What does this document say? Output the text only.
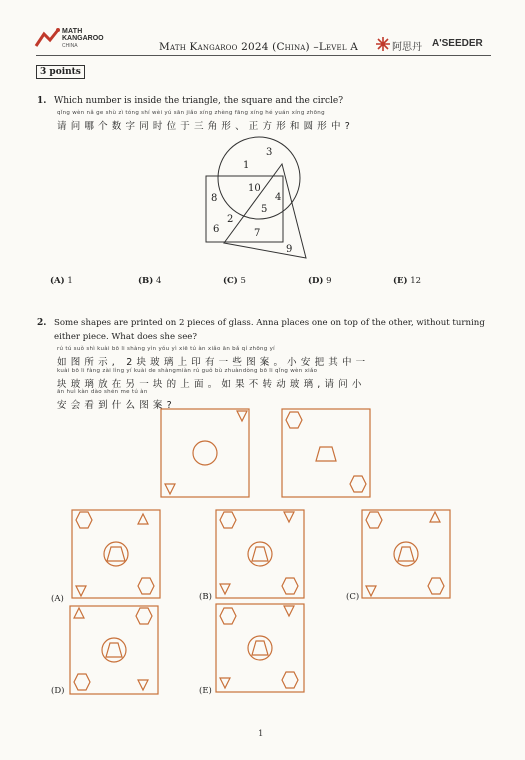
MATH
KANGAROO
CHINA	Math Kangaroo 2024 (China) –Level A	阿思丹 A'SEEDER
3 points
1. Which number is inside the triangle, the square and the circle?
qǐng wèn nǎ ge shù zì tóng shí wèi yú sān jiǎo xíng zhèng fāng xíng hé yuán xíng zhōng
请问哪个数字同时位于三角形、正方形和圆形中?
1
3
10
8	4
5
2
6	7
9
(A) 1	(B) 4	(C) 5	(D) 9	(E) 12
2. Some shapes are printed on 2 pieces of glass. Anna places one on top of the other, without turning
either piece. What does she see?
rú tú suǒ shì kuài bō li shàng yìn yǒu yì xiē tú àn xiǎo ān bǎ qí zhōng yí
如图所示, 2块玻璃上印有一些图案。小安把其中一
kuài bō li fàng zài lìng yí kuài de shàngmiàn rú guǒ bù zhuàndòng bō li qǐng wèn xiǎo
块玻璃放在另一块的上面。如果不转动玻璃,请问小
ān huì kàn dào shén me tú àn
安会看到什么图案?
(A)	(B)	(C)
(D)	(E)
1
